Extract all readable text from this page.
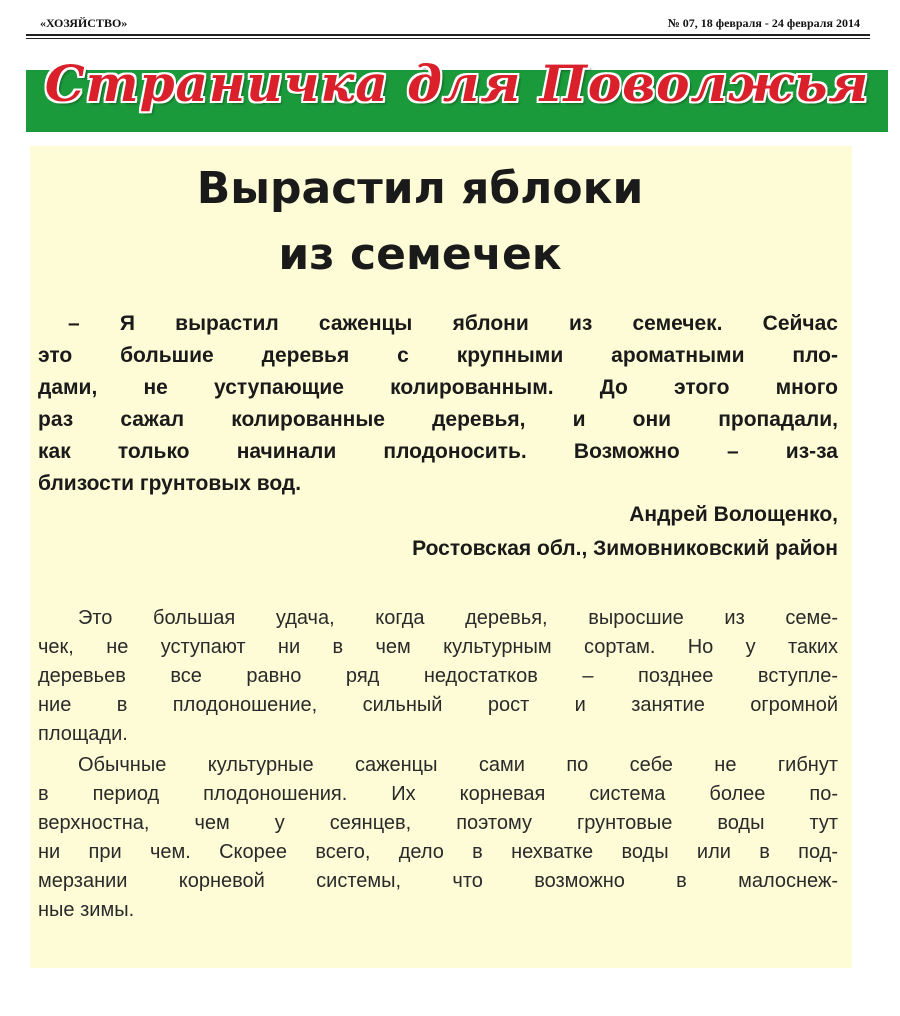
«ХОЗЯЙСТВО»	№ 07, 18 февраля - 24 февраля 2014
Страничка для Поволжья
Вырастил яблоки
из семечек
– Я вырастил саженцы яблони из семечек. Сейчас
это большие деревья с крупными ароматными пло-
дами, не уступающие колированным. До этого много
раз сажал колированные деревья, и они пропадали,
как только начинали плодоносить. Возможно – из-за
близости грунтовых вод.
Андрей Волощенко,
Ростовская обл., Зимовниковский район
Это большая удача, когда деревья, выросшие из семе-
чек, не уступают ни в чем культурным сортам. Но у таких
деревьев все равно ряд недостатков – позднее вступле-
ние в плодоношение, сильный рост и занятие огромной
площади.
Обычные культурные саженцы сами по себе не гибнут
в период плодоношения. Их корневая система более по-
верхностна, чем у сеянцев, поэтому грунтовые воды тут
ни при чем. Скорее всего, дело в нехватке воды или в под-
мерзании корневой системы, что возможно в малоснеж-
ные зимы.
